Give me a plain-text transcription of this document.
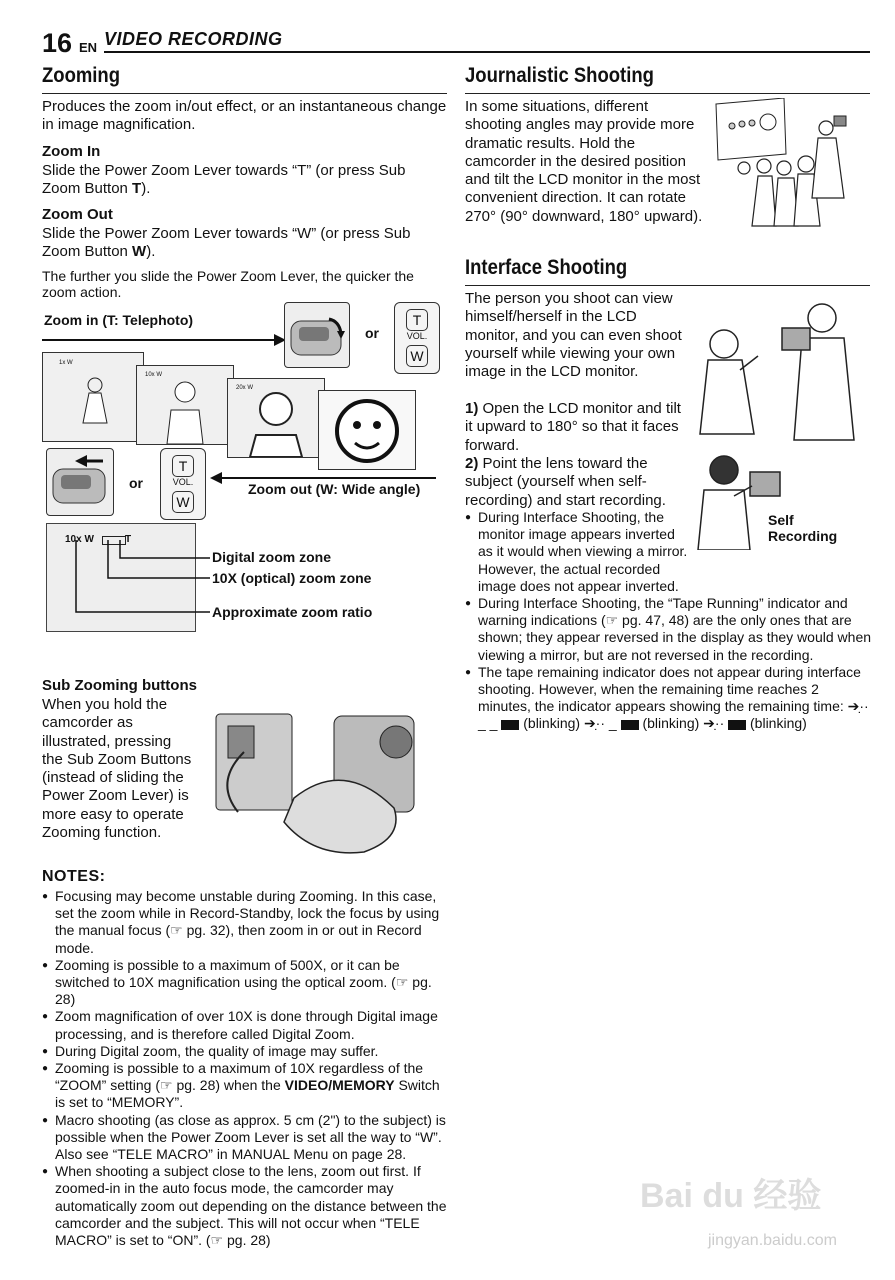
16 EN VIDEO RECORDING
Zooming
Produces the zoom in/out effect, or an instantaneous change in image magnification.
Zoom In
Slide the Power Zoom Lever towards “T” (or press Sub Zoom Button T).
Zoom Out
Slide the Power Zoom Lever towards “W” (or press Sub Zoom Button W).
The further you slide the Power Zoom Lever, the quicker the zoom action.
Zoom in (T: Telephoto)
or
T
VOL.
W
1x W
10x W
20x W
or
T
VOL.
W
Zoom out (W: Wide angle)
10x W	T
Digital zoom zone
10X (optical) zoom zone
Approximate zoom ratio
Sub Zooming buttons
When you hold the camcorder as illustrated, pressing the Sub Zoom Buttons (instead of sliding the Power Zoom Lever) is more easy to operate Zooming function.
NOTES:
● Focusing may become unstable during Zooming. In this case, set the zoom while in Record-Standby, lock the focus by using the manual focus (☞ pg. 32), then zoom in or out in Record mode.
● Zooming is possible to a maximum of 500X, or it can be switched to 10X magnification using the optical zoom. (☞ pg. 28)
● Zoom magnification of over 10X is done through Digital image processing, and is therefore called Digital Zoom.
● During Digital zoom, the quality of image may suffer.
● Zooming is possible to a maximum of 10X regardless of the “ZOOM” setting (☞ pg. 28) when the VIDEO/MEMORY Switch is set to “MEMORY”.
● Macro shooting (as close as approx. 5 cm (2") to the subject) is possible when the Power Zoom Lever is set all the way to “W”. Also see “TELE MACRO” in MANUAL Menu on page 28.
● When shooting a subject close to the lens, zoom out first. If zoomed-in in the auto focus mode, the camcorder may automatically zoom out depending on the distance between the camcorder and the subject. This will not occur when “TELE MACRO” is set to “ON”. (☞ pg. 28)
Journalistic Shooting
In some situations, different shooting angles may provide more dramatic results. Hold the camcorder in the desired position and tilt the LCD monitor in the most convenient direction. It can rotate 270° (90° downward, 180° upward).
Interface Shooting
The person you shoot can view himself/herself in the LCD monitor, and you can even shoot yourself while viewing your own image in the LCD monitor.
1) Open the LCD monitor and tilt it upward to 180° so that it faces forward.
2) Point the lens toward the subject (yourself when self-recording) and start recording.
Self Recording
● During Interface Shooting, the monitor image appears inverted as it would when viewing a mirror. However, the actual recorded image does not appear inverted.
● During Interface Shooting, the “Tape Running” indicator and warning indications (☞ pg. 47, 48) are the only ones that are shown; they appear reversed in the display as they would when viewing a mirror, but are not reversed in the recording.
● The tape remaining indicator does not appear during interface shooting. However, when the remaining time reaches 2 minutes, the indicator appears showing the remaining time: ➔·̣· _ _  (blinking) ➔·̣· _  (blinking) ➔·̣·  (blinking)
Bai du 经验
jingyan.baidu.com
